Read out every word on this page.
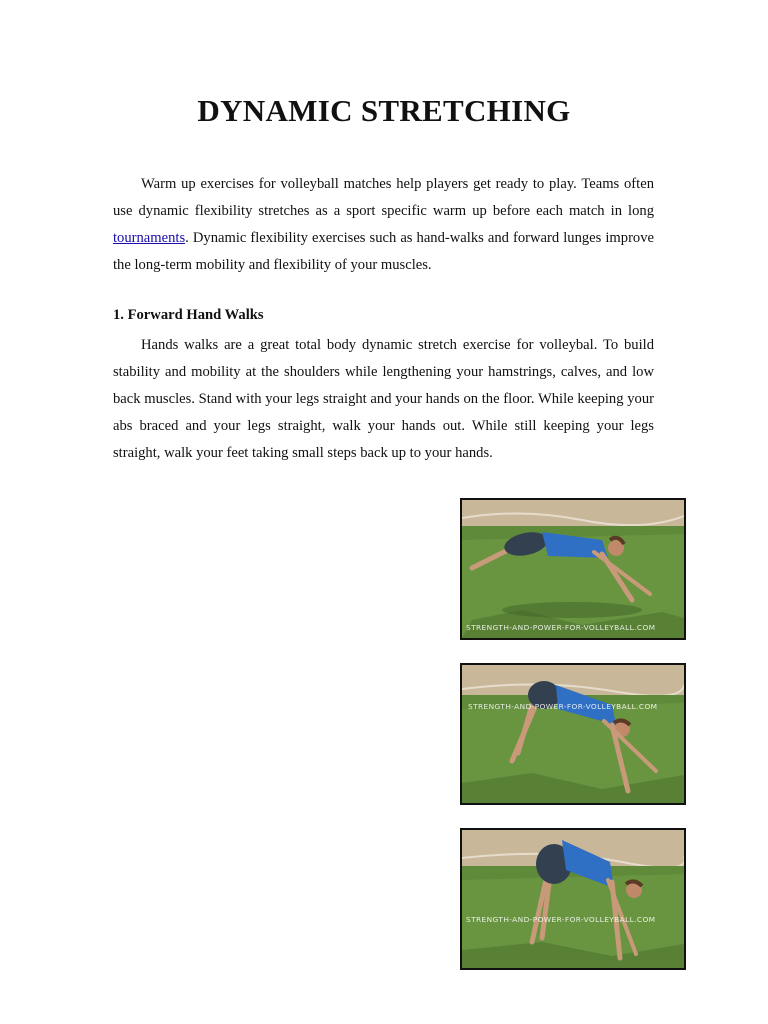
DYNAMIC STRETCHING

Warm up exercises for volleyball matches help players get ready to play. Teams often use dynamic flexibility stretches as a sport specific warm up before each match in long tournaments. Dynamic flexibility exercises such as hand-walks and forward lunges improve the long-term mobility and flexibility of your muscles.

1. Forward Hand Walks

Hands walks are a great total body dynamic stretch exercise for volleybal. To build stability and mobility at the shoulders while lengthening your hamstrings, calves, and low back muscles. Stand with your legs straight and your hands on the floor. While keeping your abs braced and your legs straight, walk your hands out. While still keeping your legs straight, walk your feet taking small steps back up to your hands.

STRENGTH-AND-POWER-FOR-VOLLEYBALL.COM
STRENGTH-AND-POWER-FOR-VOLLEYBALL.COM
STRENGTH-AND-POWER-FOR-VOLLEYBALL.COM
